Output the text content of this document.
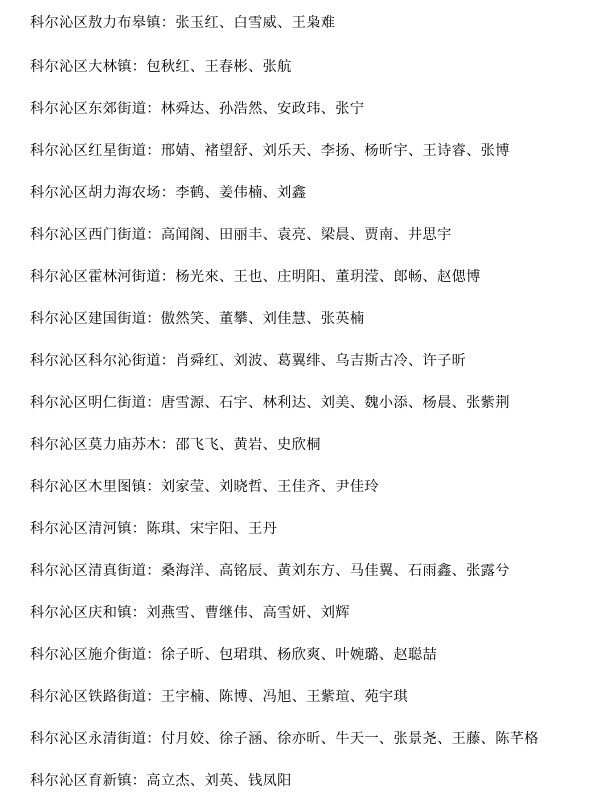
科尔沁区敖力布皋镇：张玉红、白雪威、王枭难
科尔沁区大林镇：包秋红、王春彬、张航
科尔沁区东郊街道：林舜达、孙浩然、安政玮、张宁
科尔沁区红星街道：邢婧、褚望舒、刘乐天、李扬、杨昕宇、王诗睿、张博
科尔沁区胡力海农场：李鹤、姜伟楠、刘鑫
科尔沁区西门街道：高闻阁、田丽丰、袁亮、梁晨、贾南、井思宇
科尔沁区霍林河街道：杨光來、王也、庄明阳、董玥滢、郎畅、赵偲博
科尔沁区建国街道：傲然笑、董攀、刘佳慧、张英楠
科尔沁区科尔沁街道：肖舜红、刘波、葛翼绯、乌吉斯古冷、许子昕
科尔沁区明仁街道：唐雪源、石宇、林利达、刘美、魏小添、杨晨、张紫荆
科尔沁区莫力庙苏木：邵飞飞、黄岩、史欣桐
科尔沁区木里图镇：刘家莹、刘晓哲、王佳齐、尹佳玲
科尔沁区清河镇：陈琪、宋宇阳、王丹
科尔沁区清真街道：桑海洋、高铭辰、黄刘东方、马佳翼、石雨鑫、张露兮
科尔沁区庆和镇：刘燕雪、曹继伟、高雪妍、刘辉
科尔沁区施介街道：徐子昕、包珺琪、杨欣爽、叶婉璐、赵聪喆
科尔沁区铁路街道：王宇楠、陈博、冯旭、王紫瑄、苑宇琪
科尔沁区永清街道：付月姣、徐子涵、徐亦昕、牛天一、张景尧、王藤、陈芊格
科尔沁区育新镇：高立杰、刘英、钱凤阳
